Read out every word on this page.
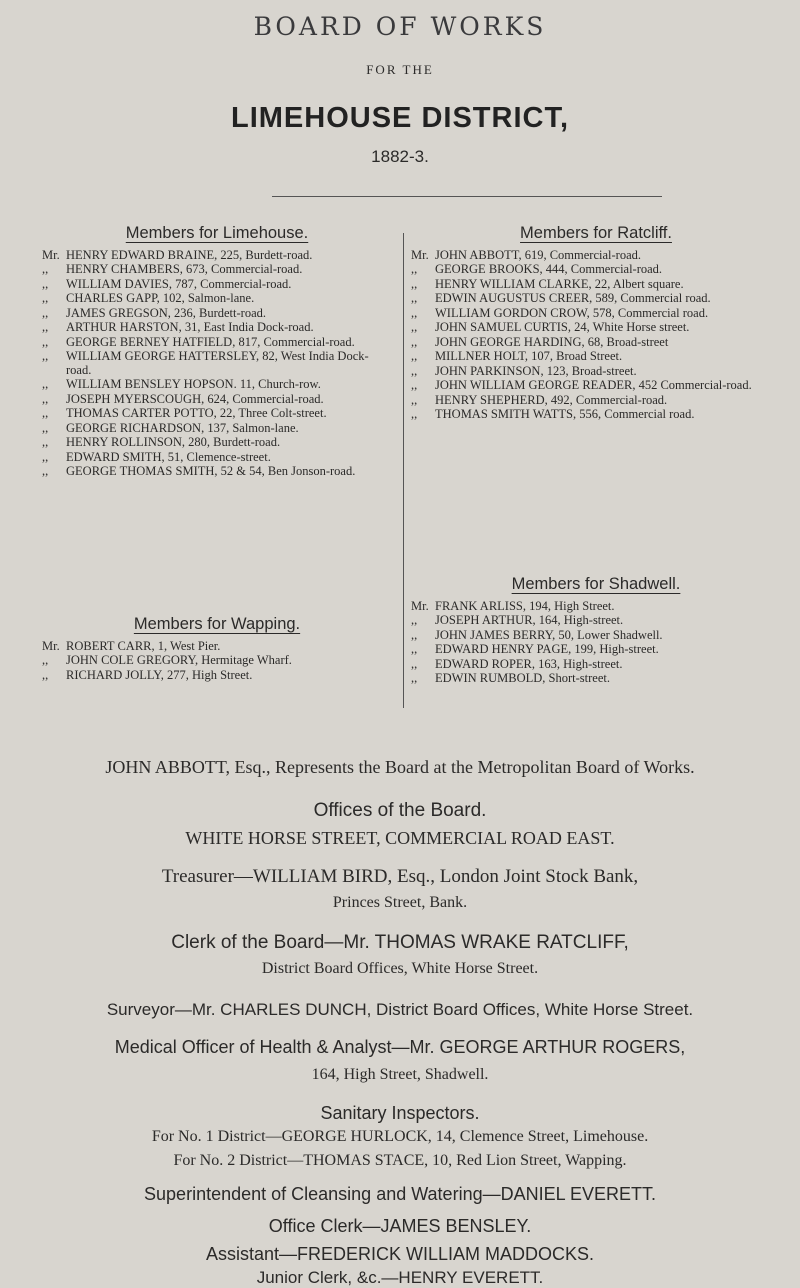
BOARD OF WORKS
FOR THE
LIMEHOUSE DISTRICT,
1882-3.
Members for Limehouse.
Mr. HENRY EDWARD BRAINE, 225, Burdett-road.
,,	HENRY CHAMBERS, 673, Commercial-road.
,,	WILLIAM DAVIES, 787, Commercial-road.
,,	CHARLES GAPP, 102, Salmon-lane.
,,	JAMES GREGSON, 236, Burdett-road.
,,	ARTHUR HARSTON, 31, East India Dock-road.
,,	GEORGE BERNEY HATFIELD, 817, Commercial-road.
,,	WILLIAM GEORGE HATTERSLEY, 82, West India Dock-road.
,,	WILLIAM BENSLEY HOPSON. 11, Church-row.
,,	JOSEPH MYERSCOUGH, 624, Commercial-road.
,,	THOMAS CARTER POTTO, 22, Three Colt-street.
,,	GEORGE RICHARDSON, 137, Salmon-lane.
,,	HENRY ROLLINSON, 280, Burdett-road.
,,	EDWARD SMITH, 51, Clemence-street.
,,	GEORGE THOMAS SMITH, 52 & 54, Ben Jonson-road.
Members for Wapping.
Mr. ROBERT CARR, 1, West Pier.
,,	JOHN COLE GREGORY, Hermitage Wharf.
,,	RICHARD JOLLY, 277, High Street.
Members for Ratcliff.
Mr. JOHN ABBOTT, 619, Commercial-road.
,,	GEORGE BROOKS, 444, Commercial-road.
,,	HENRY WILLIAM CLARKE, 22, Albert square.
,,	EDWIN AUGUSTUS CREER, 589, Commercial road.
,,	WILLIAM GORDON CROW, 578, Commercial road.
,,	JOHN SAMUEL CURTIS, 24, White Horse street.
,,	JOHN GEORGE HARDING, 68, Broad-street
,,	MILLNER HOLT, 107, Broad Street.
,,	JOHN PARKINSON, 123, Broad-street.
,,	JOHN WILLIAM GEORGE READER, 452 Commercial-road.
,,	HENRY SHEPHERD, 492, Commercial-road.
,,	THOMAS SMITH WATTS, 556, Commercial road.
Members for Shadwell.
Mr. FRANK ARLISS, 194, High Street.
,,	JOSEPH ARTHUR, 164, High-street.
,,	JOHN JAMES BERRY, 50, Lower Shadwell.
,,	EDWARD HENRY PAGE, 199, High-street.
,,	EDWARD ROPER, 163, High-street.
,,	EDWIN RUMBOLD, Short-street.
JOHN ABBOTT, Esq., Represents the Board at the Metropolitan Board of Works.
Offices of the Board.
WHITE HORSE STREET, COMMERCIAL ROAD EAST.
Treasurer—WILLIAM BIRD, Esq., London Joint Stock Bank,
Princes Street, Bank.
Clerk of the Board—Mr. THOMAS WRAKE RATCLIFF,
District Board Offices, White Horse Street.
Surveyor—Mr. CHARLES DUNCH, District Board Offices, White Horse Street.
Medical Officer of Health & Analyst—Mr. GEORGE ARTHUR ROGERS,
164, High Street, Shadwell.
Sanitary Inspectors.
For No. 1 District—GEORGE HURLOCK, 14, Clemence Street, Limehouse.
For No. 2 District—THOMAS STACE, 10, Red Lion Street, Wapping.
Superintendent of Cleansing and Watering—DANIEL EVERETT.
Office Clerk—JAMES BENSLEY.
Assistant—FREDERICK WILLIAM MADDOCKS.
Junior Clerk, &c.—HENRY EVERETT.
